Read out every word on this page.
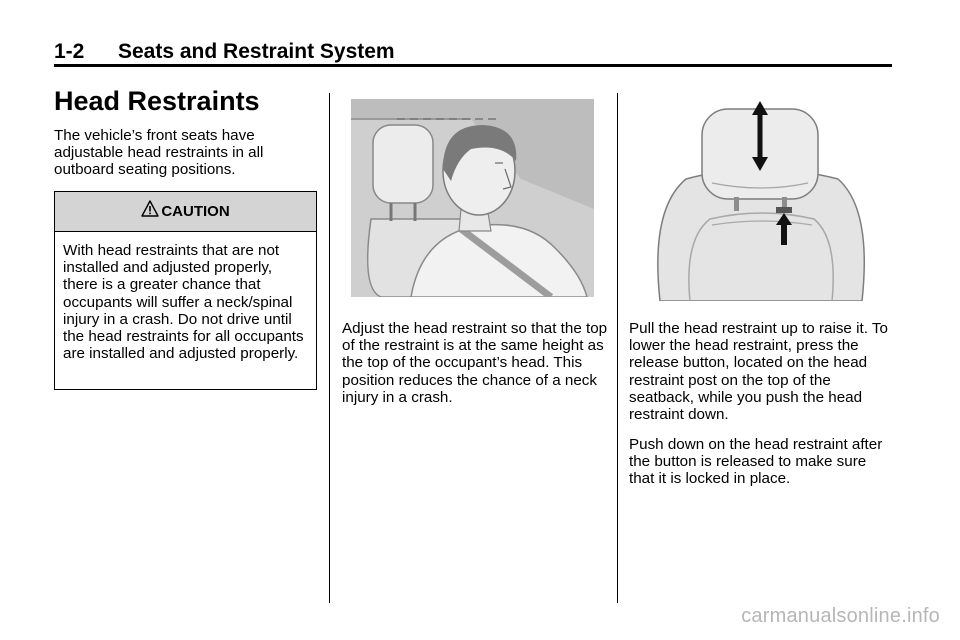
1-2 Seats and Restraint System
Head Restraints
The vehicle’s front seats have adjustable head restraints in all outboard seating positions.
CAUTION
With head restraints that are not installed and adjusted properly, there is a greater chance that occupants will suffer a neck/spinal injury in a crash. Do not drive until the head restraints for all occupants are installed and adjusted properly.
Adjust the head restraint so that the top of the restraint is at the same height as the top of the occupant’s head. This position reduces the chance of a neck injury in a crash.
Pull the head restraint up to raise it. To lower the head restraint, press the release button, located on the head restraint post on the top of the seatback, while you push the head restraint down.
Push down on the head restraint after the button is released to make sure that it is locked in place.
carmanualsonline.info
